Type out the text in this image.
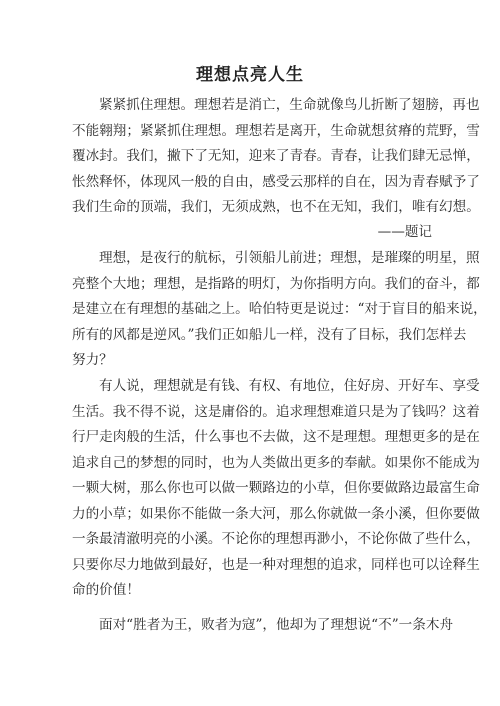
理想点亮人生
紧紧抓住理想。理想若是消亡，生命就像鸟儿折断了翅膀，再也
不能翱翔；紧紧抓住理想。理想若是离开，生命就想贫瘠的荒野，雪
覆冰封。我们，撇下了无知，迎来了青春。青春，让我们肆无忌惮，
怅然释怀，体现风一般的自由，感受云那样的自在，因为青春赋予了
我们生命的顶端，我们，无须成熟，也不在无知，我们，唯有幻想。
——题记
理想，是夜行的航标，引领船儿前进；理想，是璀璨的明星，照
亮整个大地；理想，是指路的明灯，为你指明方向。我们的奋斗，都
是建立在有理想的基础之上。哈伯特更是说过：“对于盲目的船来说，
所有的风都是逆风。”我们正如船儿一样，没有了目标，我们怎样去
努力？
有人说，理想就是有钱、有权、有地位，住好房、开好车、享受
生活。我不得不说，这是庸俗的。追求理想难道只是为了钱吗？这着
行尸走肉般的生活，什么事也不去做，这不是理想。理想更多的是在
追求自己的梦想的同时，也为人类做出更多的奉献。如果你不能成为
一颗大树，那么你也可以做一颗路边的小草，但你要做路边最富生命
力的小草；如果你不能做一条大河，那么你就做一条小溪，但你要做
一条最清澈明亮的小溪。不论你的理想再渺小，不论你做了些什么，
只要你尽力地做到最好，也是一种对理想的追求，同样也可以诠释生
命的价值！
面对“胜者为王，败者为寇”，他却为了理想说“不”一条木舟
